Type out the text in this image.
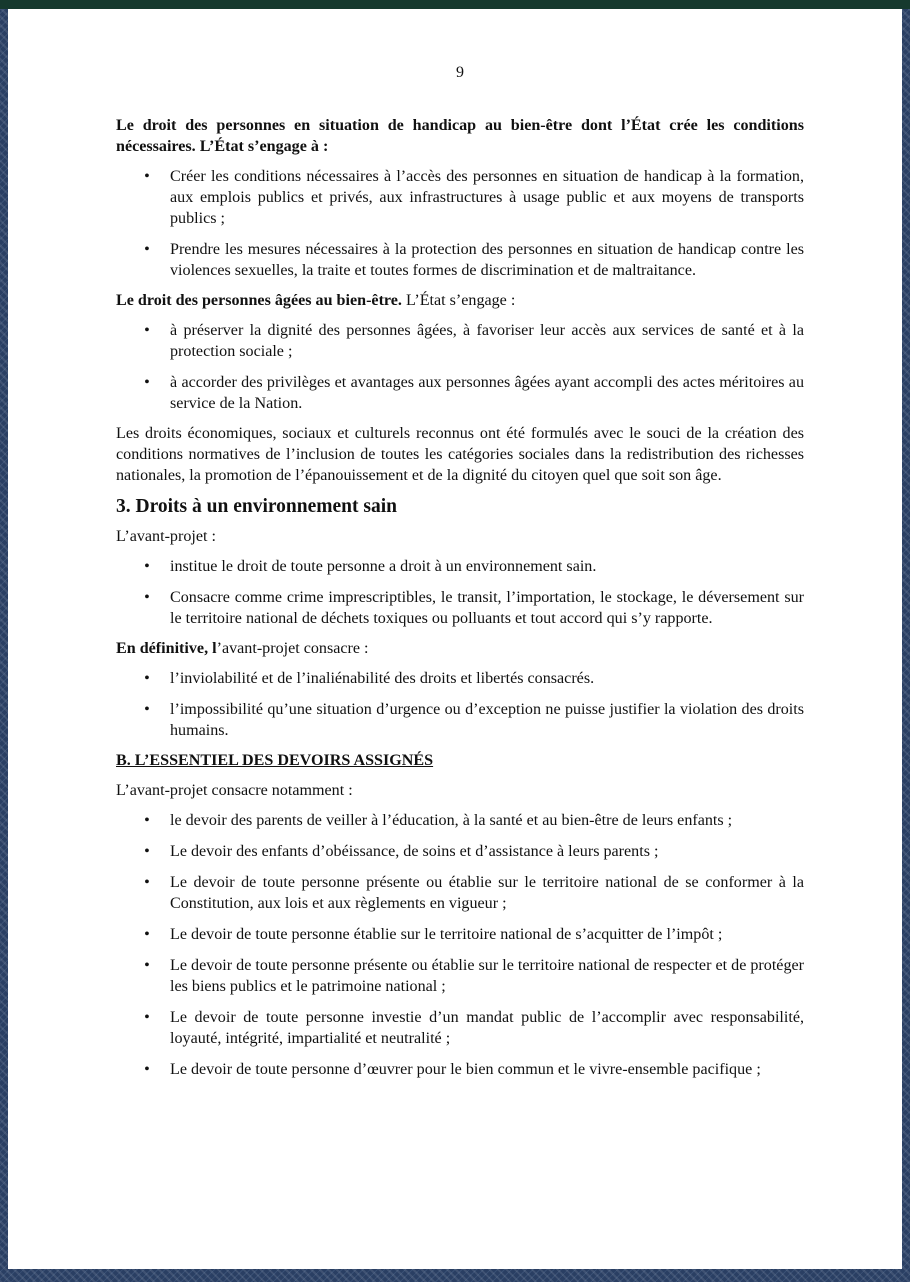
9

Le droit des personnes en situation de handicap au bien-être dont l’État crée les conditions nécessaires. L’État s’engage à :

• Créer les conditions nécessaires à l’accès des personnes en situation de handicap à la formation, aux emplois publics et privés, aux infrastructures à usage public et aux moyens de transports publics ;
• Prendre les mesures nécessaires à la protection des personnes en situation de handicap contre les violences sexuelles, la traite et toutes formes de discrimination et de maltraitance.

Le droit des personnes âgées au bien-être. L’État s’engage :

• à préserver la dignité des personnes âgées, à favoriser leur accès aux services de santé et à la protection sociale ;
• à accorder des privilèges et avantages aux personnes âgées ayant accompli des actes méritoires au service de la Nation.

Les droits économiques, sociaux et culturels reconnus ont été formulés avec le souci de la création des conditions normatives de l’inclusion de toutes les catégories sociales dans la redistribution des richesses nationales, la promotion de l’épanouissement et de la dignité du citoyen quel que soit son âge.

3. Droits à un environnement sain

L’avant-projet :

• institue le droit de toute personne a droit à un environnement sain.
• Consacre comme crime imprescriptibles, le transit, l’importation, le stockage, le déversement sur le territoire national de déchets toxiques ou polluants et tout accord qui s’y rapporte.

En définitive, l’avant-projet consacre :

• l’inviolabilité et de l’inaliénabilité des droits et libertés consacrés.
• l’impossibilité qu’une situation d’urgence ou d’exception ne puisse justifier la violation des droits humains.
B. L’ESSENTIEL DES DEVOIRS ASSIGNÉS

L’avant-projet consacre notamment :

• le devoir des parents de veiller à l’éducation, à la santé et au bien-être de leurs enfants ;
• Le devoir des enfants d’obéissance, de soins et d’assistance à leurs parents ;
• Le devoir de toute personne présente ou établie sur le territoire national de se conformer à la Constitution, aux lois et aux règlements en vigueur ;
• Le devoir de toute personne établie sur le territoire national de s’acquitter de l’impôt ;
• Le devoir de toute personne présente ou établie sur le territoire national de respecter et de protéger les biens publics et le patrimoine national ;
• Le devoir de toute personne investie d’un mandat public de l’accomplir avec responsabilité, loyauté, intégrité, impartialité et neutralité ;
• Le devoir de toute personne d’œuvrer pour le bien commun et le vivre-ensemble pacifique ;
